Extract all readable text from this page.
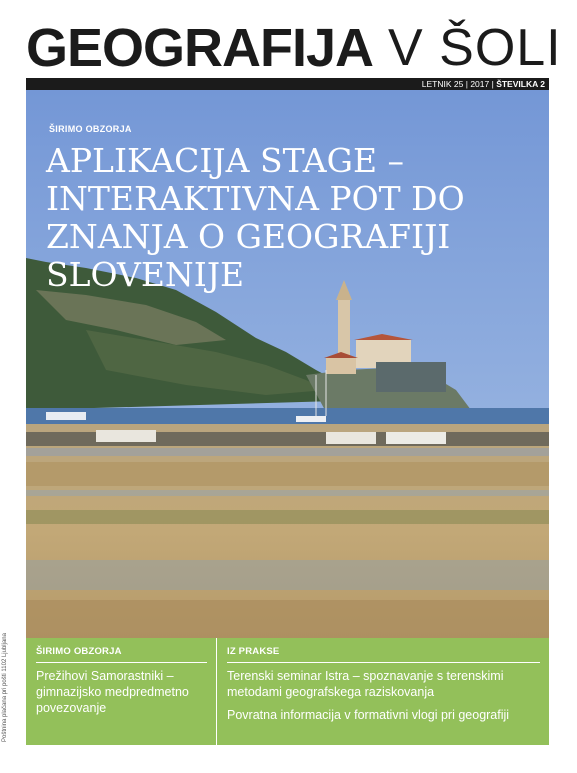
GEOGRAFIJA V ŠOLI
LETNIK 25 | 2017 | ŠTEVILKA 2
ŠIRIMO OBZORJA
APLIKACIJA STAGE –
INTERAKTIVNA POT DO
ZNANJA O GEOGRAFIJI
SLOVENIJE
ŠIRIMO OBZORJA
Prežihovi Samorastniki – gimnazijsko medpredmetno povezovanje
IZ PRAKSE
Terenski seminar Istra – spoznavanje s terenskimi metodami geografskega raziskovanja
Povratna informacija v formativni vlogi pri geografiji
Poštnina plačana pri pošti 1102 Ljubljana
